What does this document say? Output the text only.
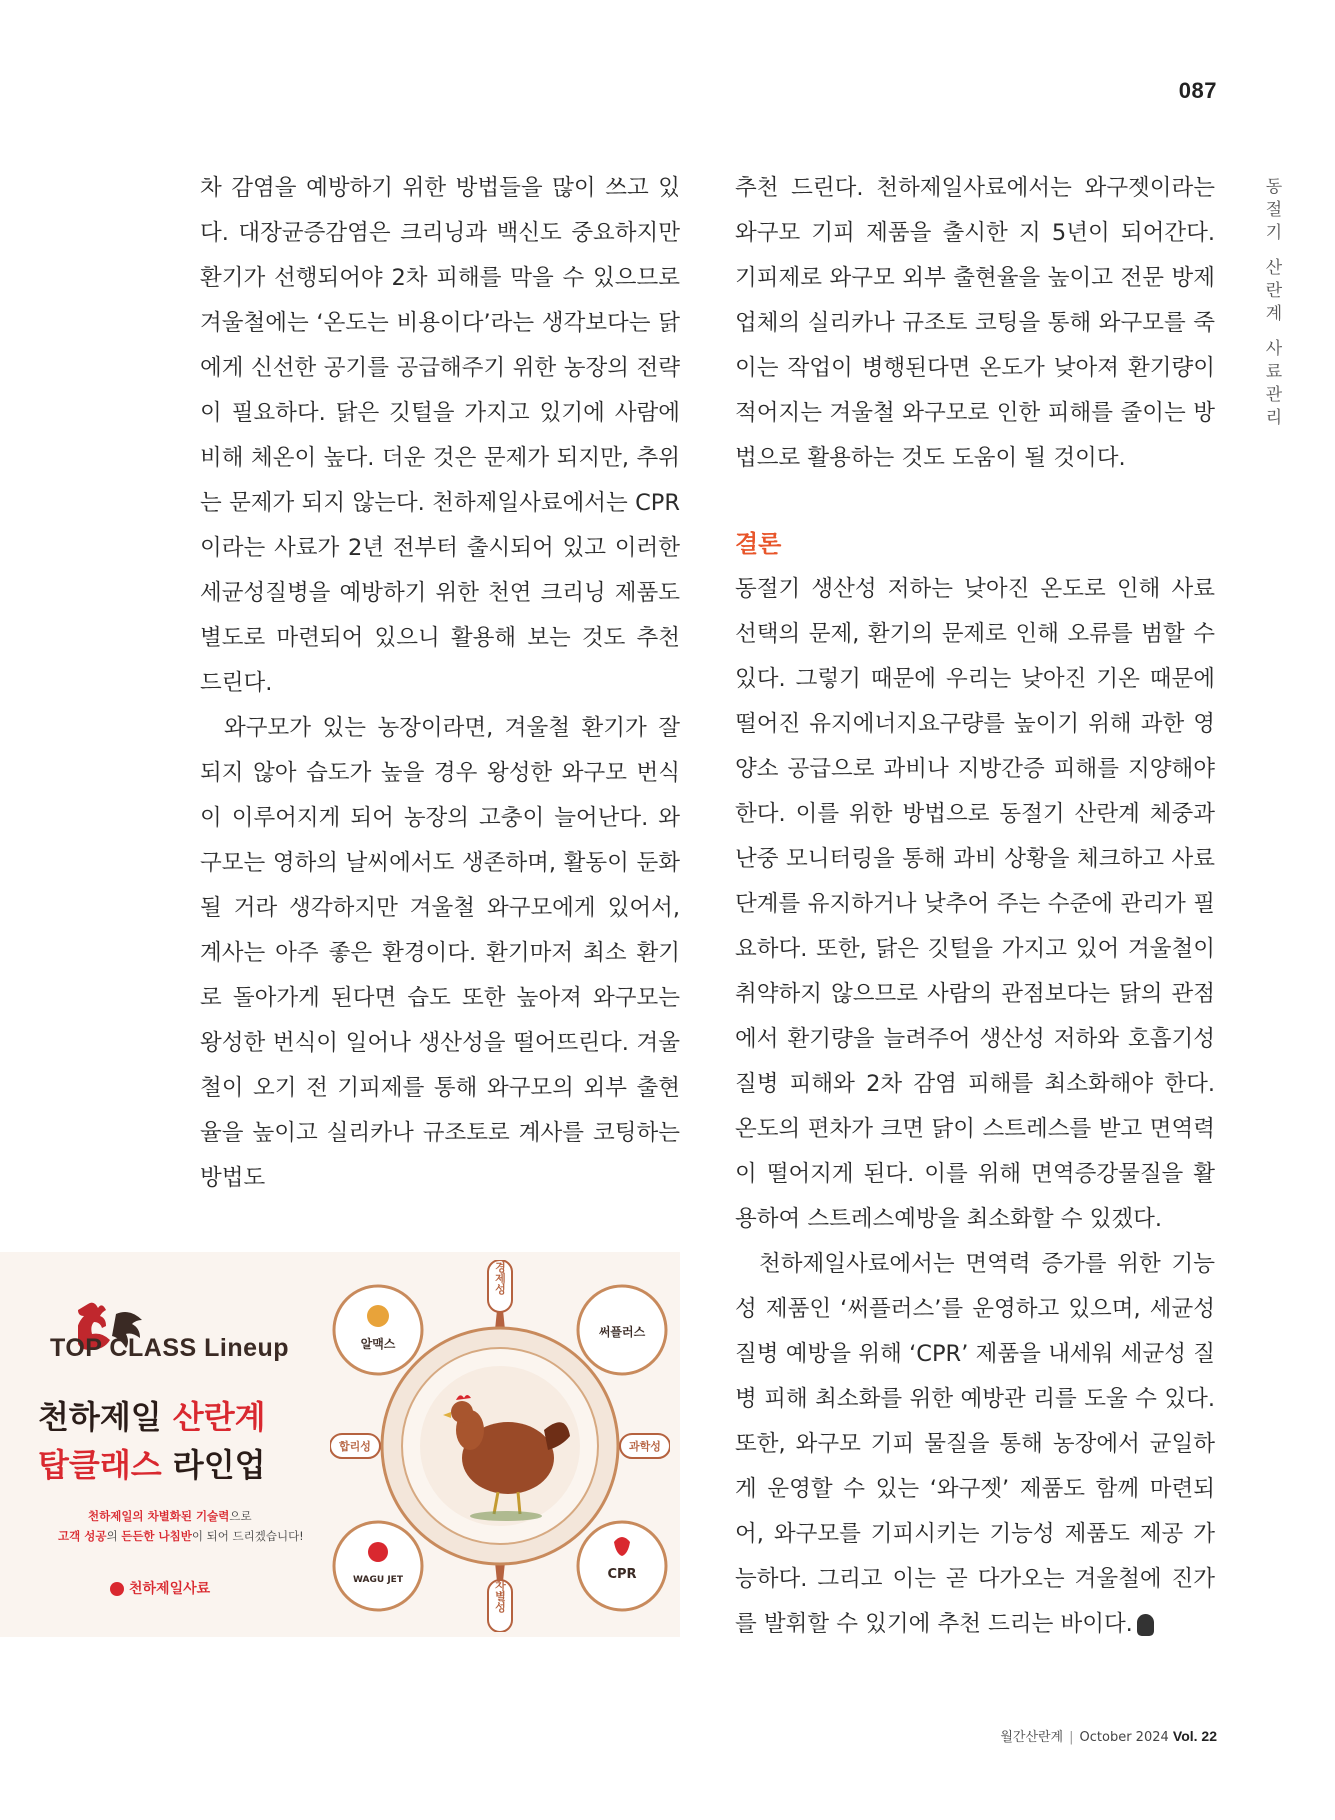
087
동
절
기
산
란
계
사
료
관
리

차 감염을 예방하기 위한 방법들을 많이 쓰고 있다. 대장균증감염은 크리닝과 백신도 중요하지만 환기가 선행되어야 2차 피해를 막을 수 있으므로 겨울철에는 ‘온도는 비용이다’라는 생각보다는 닭에게 신선한 공기를 공급해주기 위한 농장의 전략이 필요하다. 닭은 깃털을 가지고 있기에 사람에 비해 체온이 높다. 더운 것은 문제가 되지만, 추위는 문제가 되지 않는다. 천하제일사료에서는 CPR이라는 사료가 2년 전부터 출시되어 있고 이러한 세균성질병을 예방하기 위한 천연 크리닝 제품도 별도로 마련되어 있으니 활용해 보는 것도 추천 드린다.

와구모가 있는 농장이라면, 겨울철 환기가 잘 되지 않아 습도가 높을 경우 왕성한 와구모 번식이 이루어지게 되어 농장의 고충이 늘어난다. 와구모는 영하의 날씨에서도 생존하며, 활동이 둔화될 거라 생각하지만 겨울철 와구모에게 있어서, 계사는 아주 좋은 환경이다. 환기마저 최소 환기로 돌아가게 된다면 습도 또한 높아져 와구모는 왕성한 번식이 일어나 생산성을 떨어뜨린다. 겨울철이 오기 전 기피제를 통해 와구모의 외부 출현율을 높이고 실리카나 규조토로 계사를 코팅하는 방법도

추천 드린다. 천하제일사료에서는 와구젯이라는 와구모 기피 제품을 출시한 지 5년이 되어간다. 기피제로 와구모 외부 출현율을 높이고 전문 방제업체의 실리카나 규조토 코팅을 통해 와구모를 죽이는 작업이 병행된다면 온도가 낮아져 환기량이 적어지는 겨울철 와구모로 인한 피해를 줄이는 방법으로 활용하는 것도 도움이 될 것이다.

결론

동절기 생산성 저하는 낮아진 온도로 인해 사료 선택의 문제, 환기의 문제로 인해 오류를 범할 수 있다. 그렇기 때문에 우리는 낮아진 기온 때문에 떨어진 유지에너지요구량를 높이기 위해 과한 영양소 공급으로 과비나 지방간증 피해를 지양해야 한다. 이를 위한 방법으로 동절기 산란계 체중과 난중 모니터링을 통해 과비 상황을 체크하고 사료 단계를 유지하거나 낮추어 주는 수준에 관리가 필요하다. 또한, 닭은 깃털을 가지고 있어 겨울철이 취약하지 않으므로 사람의 관점보다는 닭의 관점에서 환기량을 늘려주어 생산성 저하와 호흡기성 질병 피해와 2차 감염 피해를 최소화해야 한다. 온도의 편차가 크면 닭이 스트레스를 받고 면역력이 떨어지게 된다. 이를 위해 면역증강물질을 활용하여 스트레스예방을 최소화할 수 있겠다.

천하제일사료에서는 면역력 증가를 위한 기능성 제품인 ‘써플러스’를 운영하고 있으며, 세균성 질병 예방을 위해 ‘CPR’ 제품을 내세워 세균성 질병 피해 최소화를 위한 예방관 리를 도울 수 있다. 또한, 와구모 기피 물질을 통해 농장에서 균일하게 운영할 수 있는 ‘와구젯’ 제품도 함께 마련되어, 와구모를 기피시키는 기능성 제품도 제공 가능하다. 그리고 이는 곧 다가오는 겨울철에 진가를 발휘할 수 있기에 추천 드리는 바이다.	월간

TOP CLASS Lineup
천하제일 산란계
탑클래스 라인업
천하제일의 차별화된 기술력으로
고객 성공의 든든한 나침반이 되어 드리겠습니다!
천하제일사료
경제성
차별성
합리성	과학성
알맥스
써플러스
WAGU JET	CPR
월간산란계 | October 2024 Vol. 22
